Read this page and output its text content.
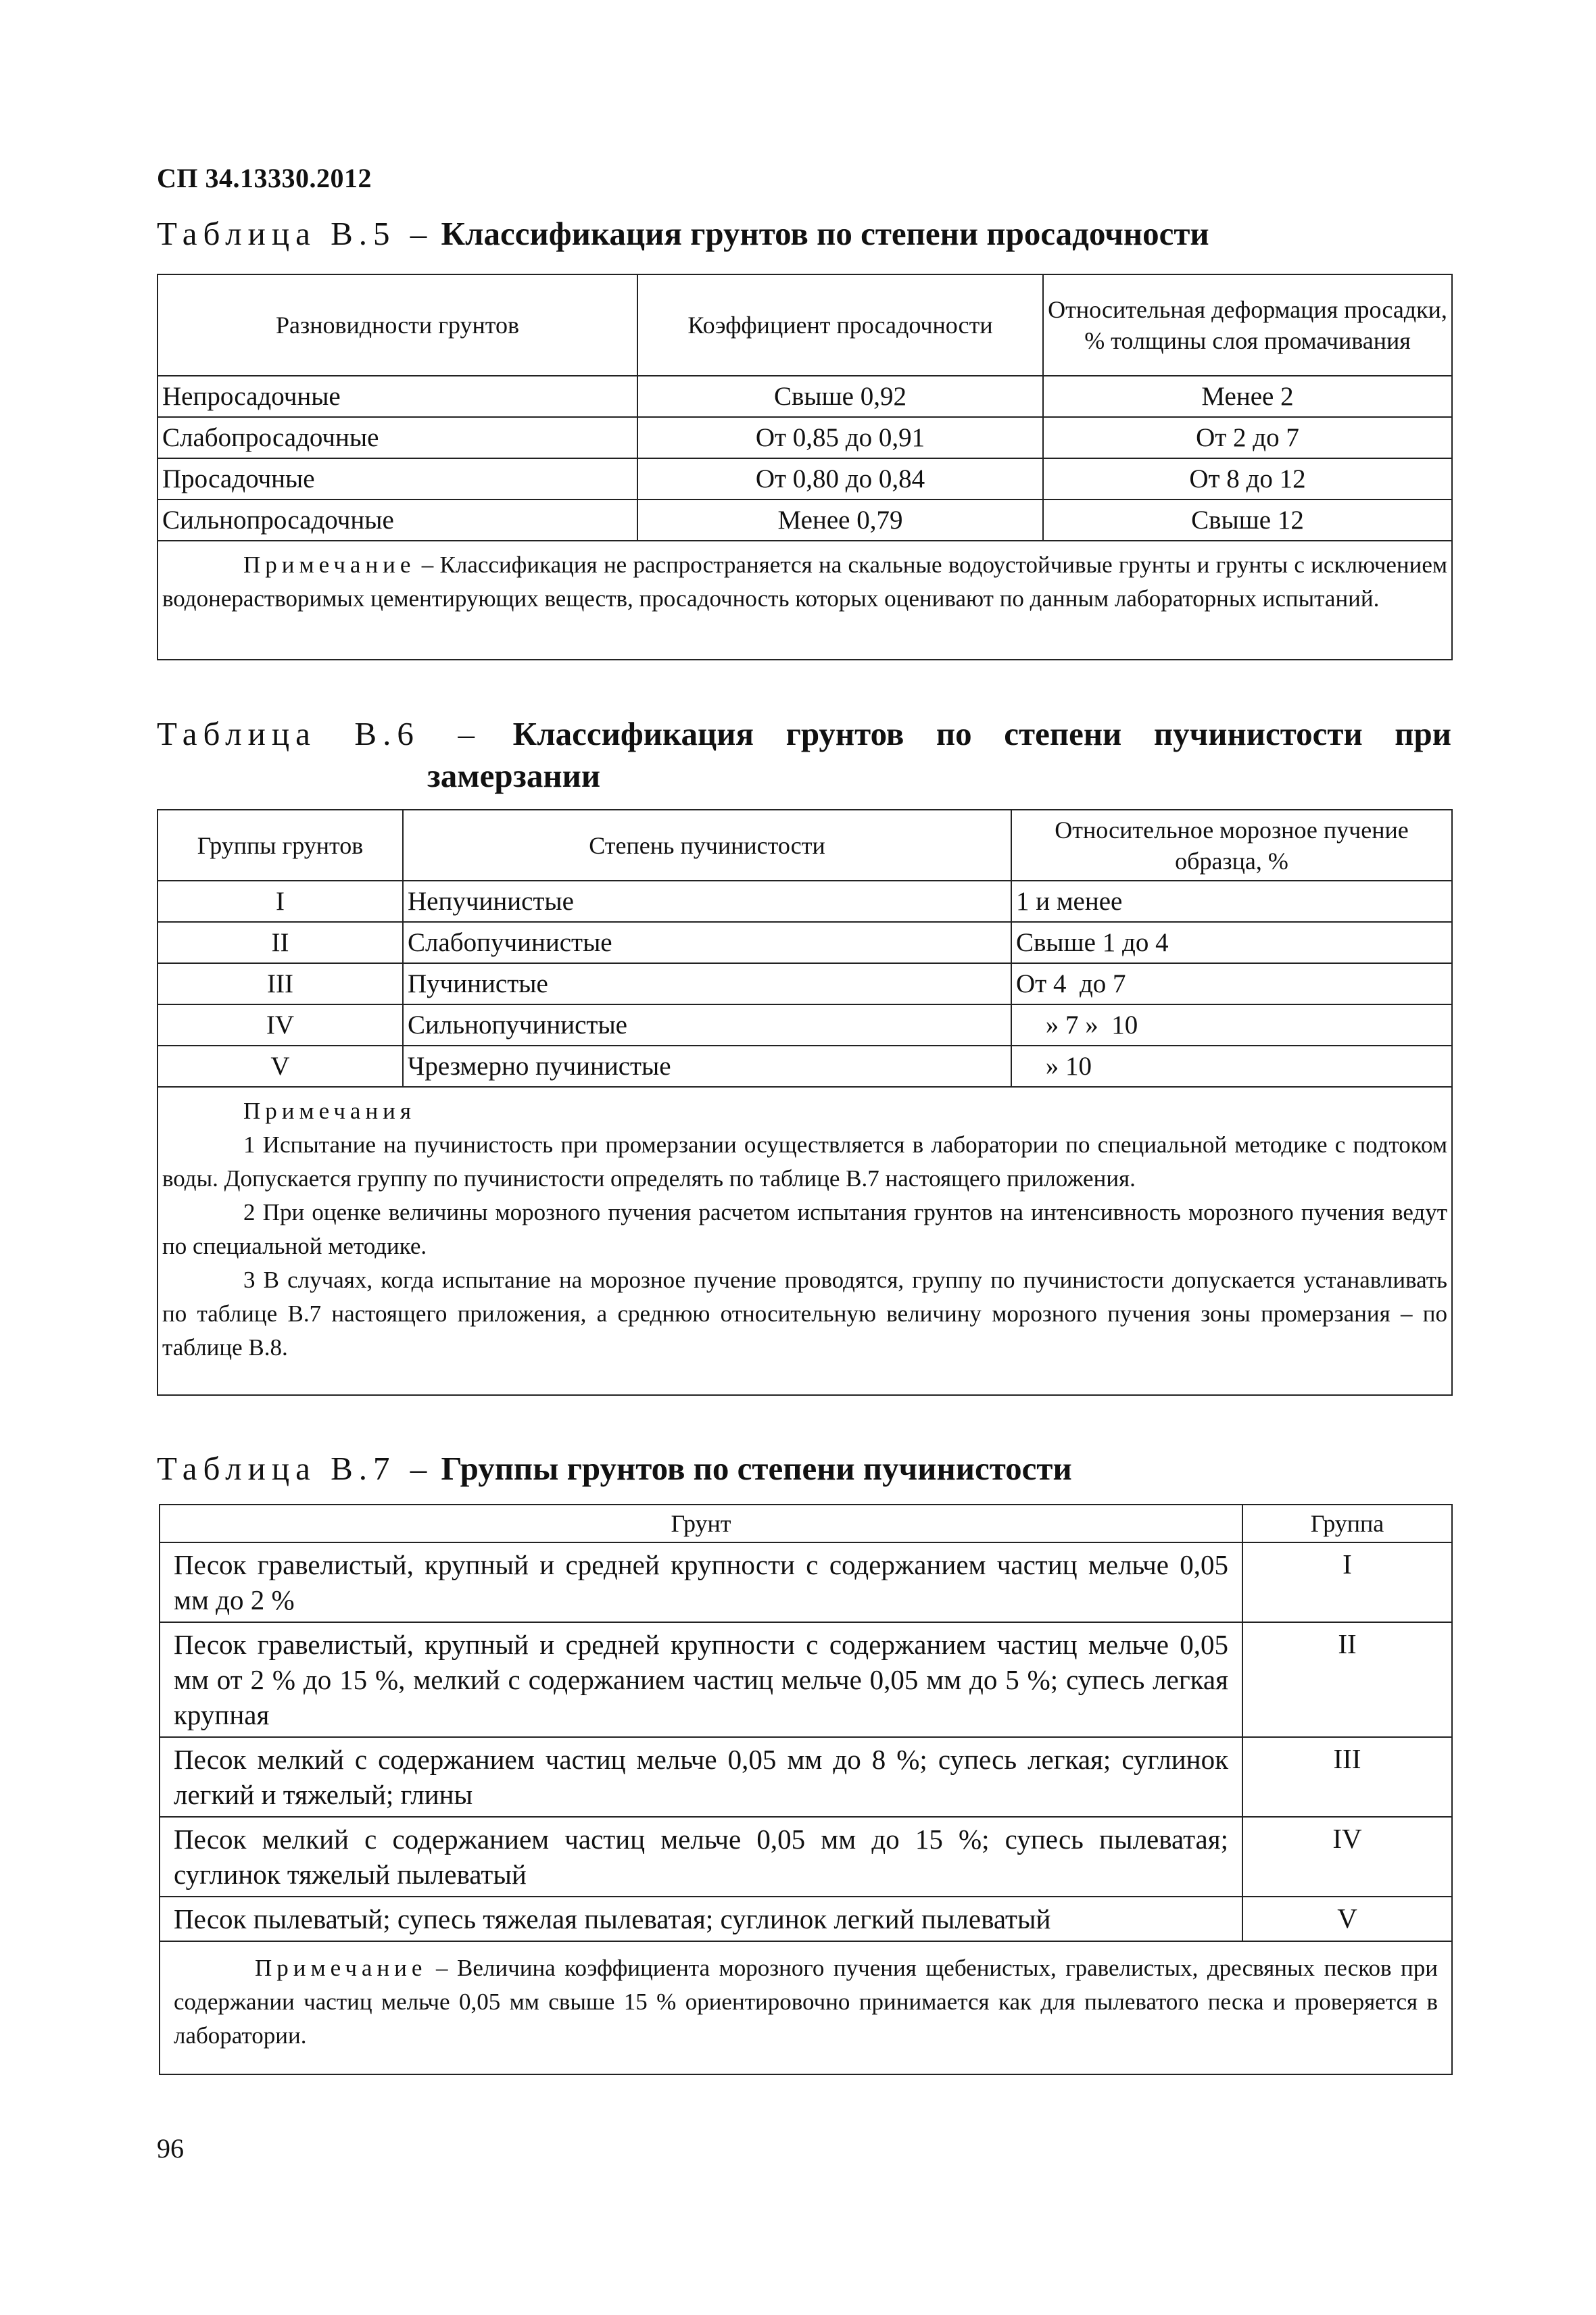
СП 34.13330.2012
Таблица В.5 – Классификация грунтов по степени просадочности
Разновидности грунтов	Коэффициент просадочности	Относительная деформация просадки, % толщины слоя промачивания
Непросадочные	Свыше 0,92	Менее 2
Слабопросадочные	От 0,85 до 0,91	От 2 до 7
Просадочные	От 0,80 до 0,84	От 8 до 12
Сильнопросадочные	Менее 0,79	Свыше 12

Примечание – Классификация не распространяется на скальные водоустойчивые грунты и грунты с исключением водонерастворимых цементирующих веществ, просадочность которых оценивают по данным лабораторных испытаний.		

Таблица В.6 – Классификация грунтов по степени пучинистости при
замерзании
Группы грунтов	Степень пучинистости	Относительное морозное пучение образца, %
I	Непучинистые	1 и менее
II	Слабопучинистые	Свыше 1 до 4
III	Пучинистые	От 4  до 7
IV	Сильнопучинистые	» 7 »  10
V	Чрезмерно пучинистые	» 10

Примечания

1 Испытание на пучинистость при промерзании осуществляется в лаборатории по специальной методике с подтоком воды. Допускается группу по пучинистости определять по таблице В.7 настоящего приложения.

2 При оценке величины морозного пучения расчетом испытания грунтов на интенсивность морозного пучения ведут по специальной методике.

3 В случаях, когда испытание на морозное пучение проводятся, группу по пучинистости допускается устанавливать по таблице В.7 настоящего приложения, а среднюю относительную величину морозного пучения зоны промерзания – по таблице В.8.		

Таблица В.7 – Группы грунтов по степени пучинистости
Грунт	Группа
Песок гравелистый, крупный и средней крупности с содержанием частиц мельче 0,05 мм до 2 %	I
Песок гравелистый, крупный и средней крупности с содержанием частиц мельче 0,05 мм от 2 % до 15 %, мелкий с содержанием частиц мельче 0,05 мм до 5 %; супесь легкая крупная	II
Песок мелкий с содержанием частиц мельче 0,05 мм до 8 %; супесь легкая; суглинок легкий и тяжелый; глины	III
Песок мелкий с содержанием частиц мельче 0,05 мм до 15 %; супесь пылеватая; суглинок тяжелый пылеватый	IV
Песок пылеватый; супесь тяжелая пылеватая; суглинок легкий пылеватый	V

Примечание – Величина коэффициента морозного пучения щебенистых, гравелистых, дресвяных песков при содержании частиц мельче 0,05 мм свыше 15 % ориентировочно принимается как для пылеватого песка и проверяется в лаборатории.	

96
